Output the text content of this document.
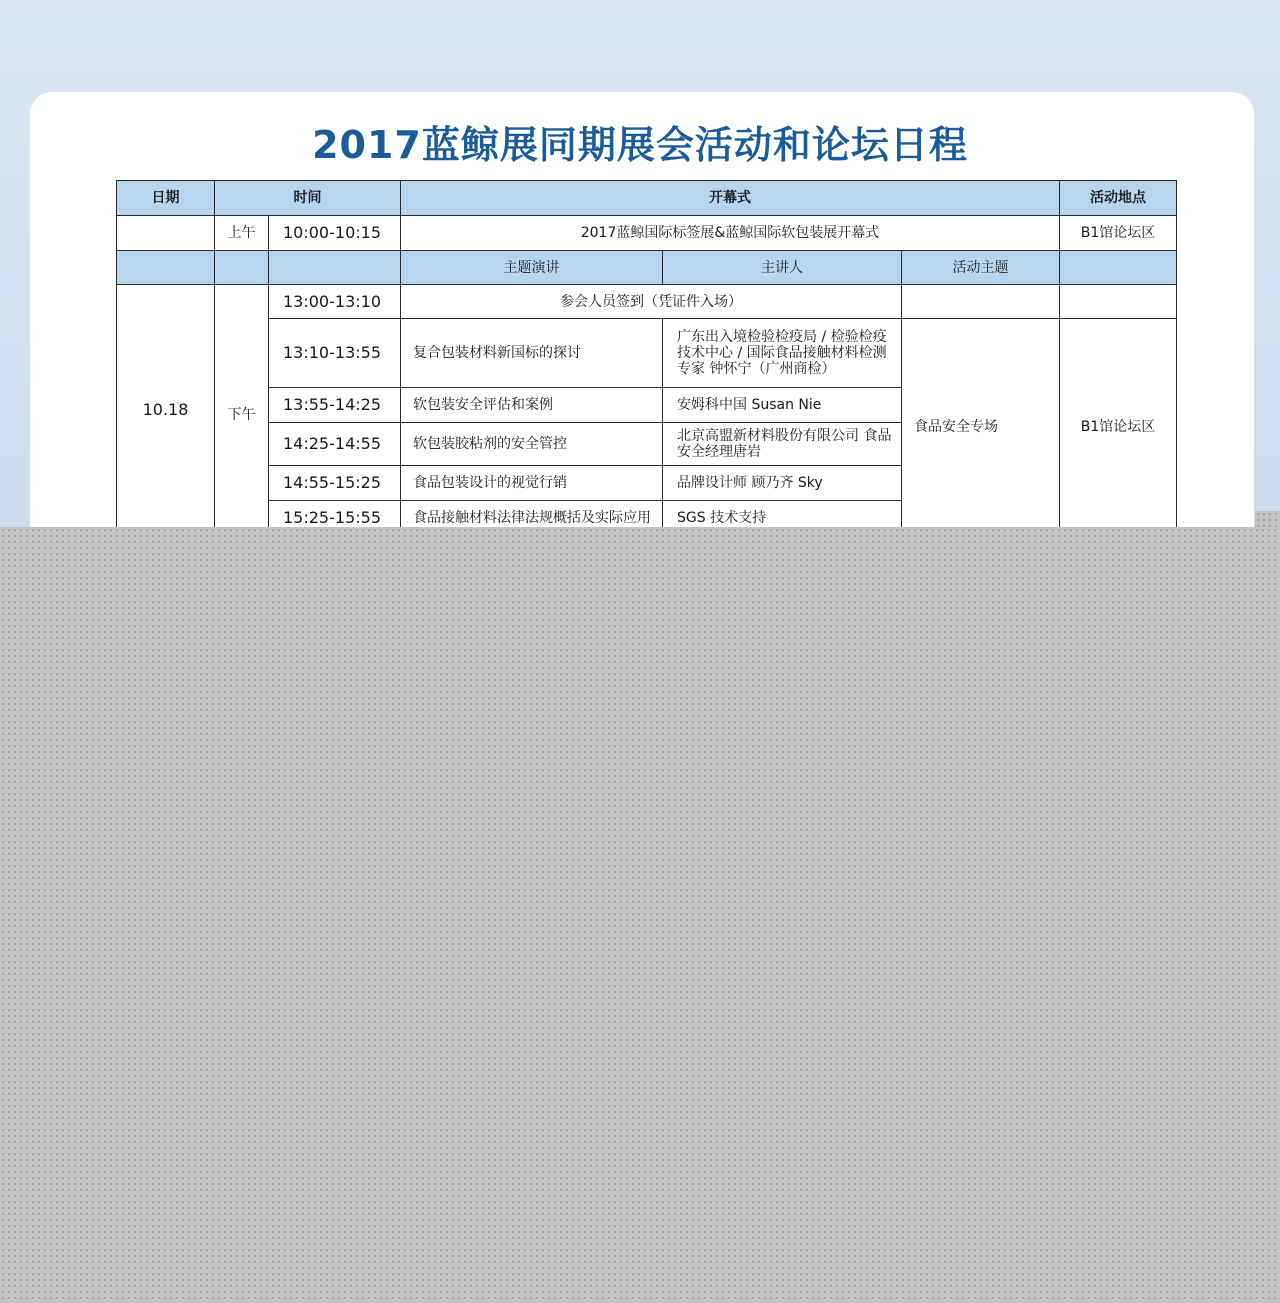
2017蓝鲸展同期展会活动和论坛日程
日期	时间		开幕式			活动地点
	上午	10:00-10:15	2017蓝鲸国际标签展&蓝鲸国际软包装展开幕式			B1馆论坛区
			主题演讲	主讲人	活动主题	
10.18	下午	13:00-13:10	参会人员签到（凭证件入场）			
		13:10-13:55	复合包装材料新国标的探讨	广东出入境检验检疫局 / 检验检疫技术中心 / 国际食品接触材料检测专家 钟怀宁（广州商检）	食品安全专场	B1馆论坛区
		13:55-14:25	软包装安全评估和案例	安姆科中国 Susan Nie		
		14:25-14:55	软包装胶粘剂的安全管控	北京高盟新材料股份有限公司 食品安全经理唐岩		
		14:55-15:25	食品包装设计的视觉行销	品牌设计师 顾乃齐 Sky		
		15:25-15:55	食品接触材料法律法规概括及实际应用	SGS 技术支持		
